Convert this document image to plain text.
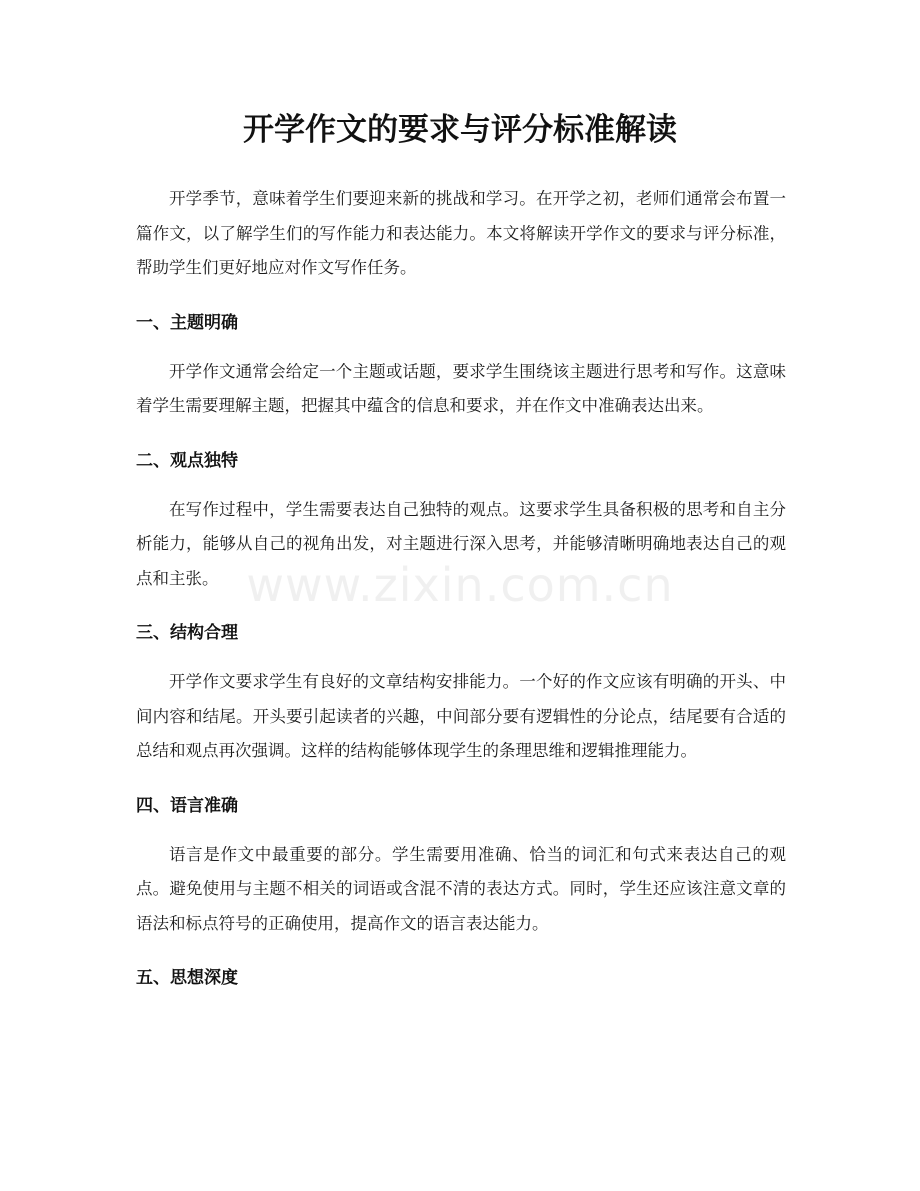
开学作文的要求与评分标准解读
www.zixin.com.cn

开学季节，意味着学生们要迎来新的挑战和学习。在开学之初，老师们通常会布置一篇作文，以了解学生们的写作能力和表达能力。本文将解读开学作文的要求与评分标准，帮助学生们更好地应对作文写作任务。

一、主题明确

开学作文通常会给定一个主题或话题，要求学生围绕该主题进行思考和写作。这意味着学生需要理解主题，把握其中蕴含的信息和要求，并在作文中准确表达出来。

二、观点独特

在写作过程中，学生需要表达自己独特的观点。这要求学生具备积极的思考和自主分析能力，能够从自己的视角出发，对主题进行深入思考，并能够清晰明确地表达自己的观点和主张。

三、结构合理

开学作文要求学生有良好的文章结构安排能力。一个好的作文应该有明确的开头、中间内容和结尾。开头要引起读者的兴趣，中间部分要有逻辑性的分论点，结尾要有合适的总结和观点再次强调。这样的结构能够体现学生的条理思维和逻辑推理能力。

四、语言准确

语言是作文中最重要的部分。学生需要用准确、恰当的词汇和句式来表达自己的观点。避免使用与主题不相关的词语或含混不清的表达方式。同时，学生还应该注意文章的语法和标点符号的正确使用，提高作文的语言表达能力。

五、思想深度
